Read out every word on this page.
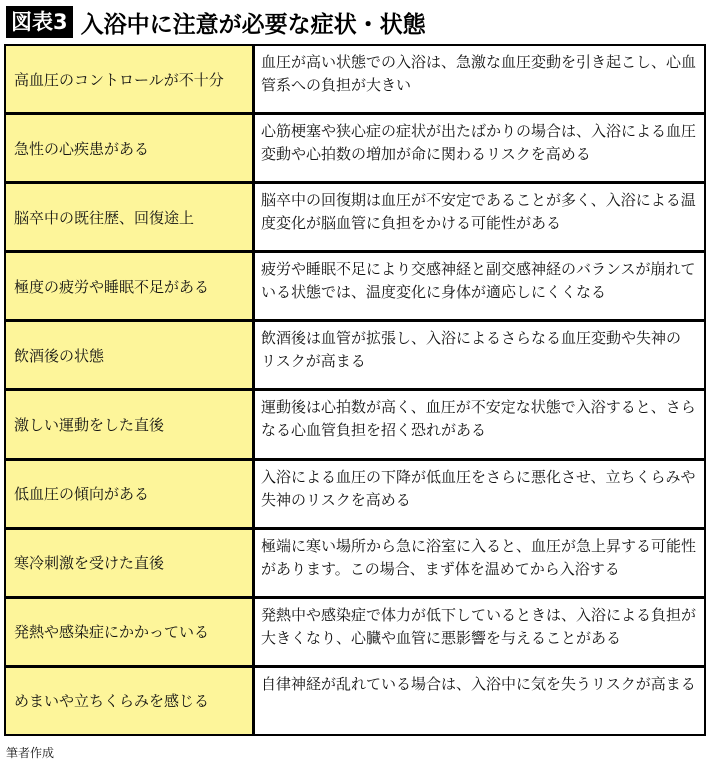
図表3 入浴中に注意が必要な症状・状態
高血圧のコントロールが不十分
血圧が高い状態での入浴は、急激な血圧変動を引き起こし、心血管系への負担が大きい
急性の心疾患がある
心筋梗塞や狭心症の症状が出たばかりの場合は、入浴による血圧変動や心拍数の増加が命に関わるリスクを高める
脳卒中の既往歴、回復途上
脳卒中の回復期は血圧が不安定であることが多く、入浴による温度変化が脳血管に負担をかける可能性がある
極度の疲労や睡眠不足がある
疲労や睡眠不足により交感神経と副交感神経のバランスが崩れている状態では、温度変化に身体が適応しにくくなる
飲酒後の状態
飲酒後は血管が拡張し、入浴によるさらなる血圧変動や失神のリスクが高まる
激しい運動をした直後
運動後は心拍数が高く、血圧が不安定な状態で入浴すると、さらなる心血管負担を招く恐れがある
低血圧の傾向がある
入浴による血圧の下降が低血圧をさらに悪化させ、立ちくらみや失神のリスクを高める
寒冷刺激を受けた直後
極端に寒い場所から急に浴室に入ると、血圧が急上昇する可能性があります。この場合、まず体を温めてから入浴する
発熱や感染症にかかっている
発熱中や感染症で体力が低下しているときは、入浴による負担が大きくなり、心臓や血管に悪影響を与えることがある
めまいや立ちくらみを感じる
自律神経が乱れている場合は、入浴中に気を失うリスクが高まる
筆者作成
